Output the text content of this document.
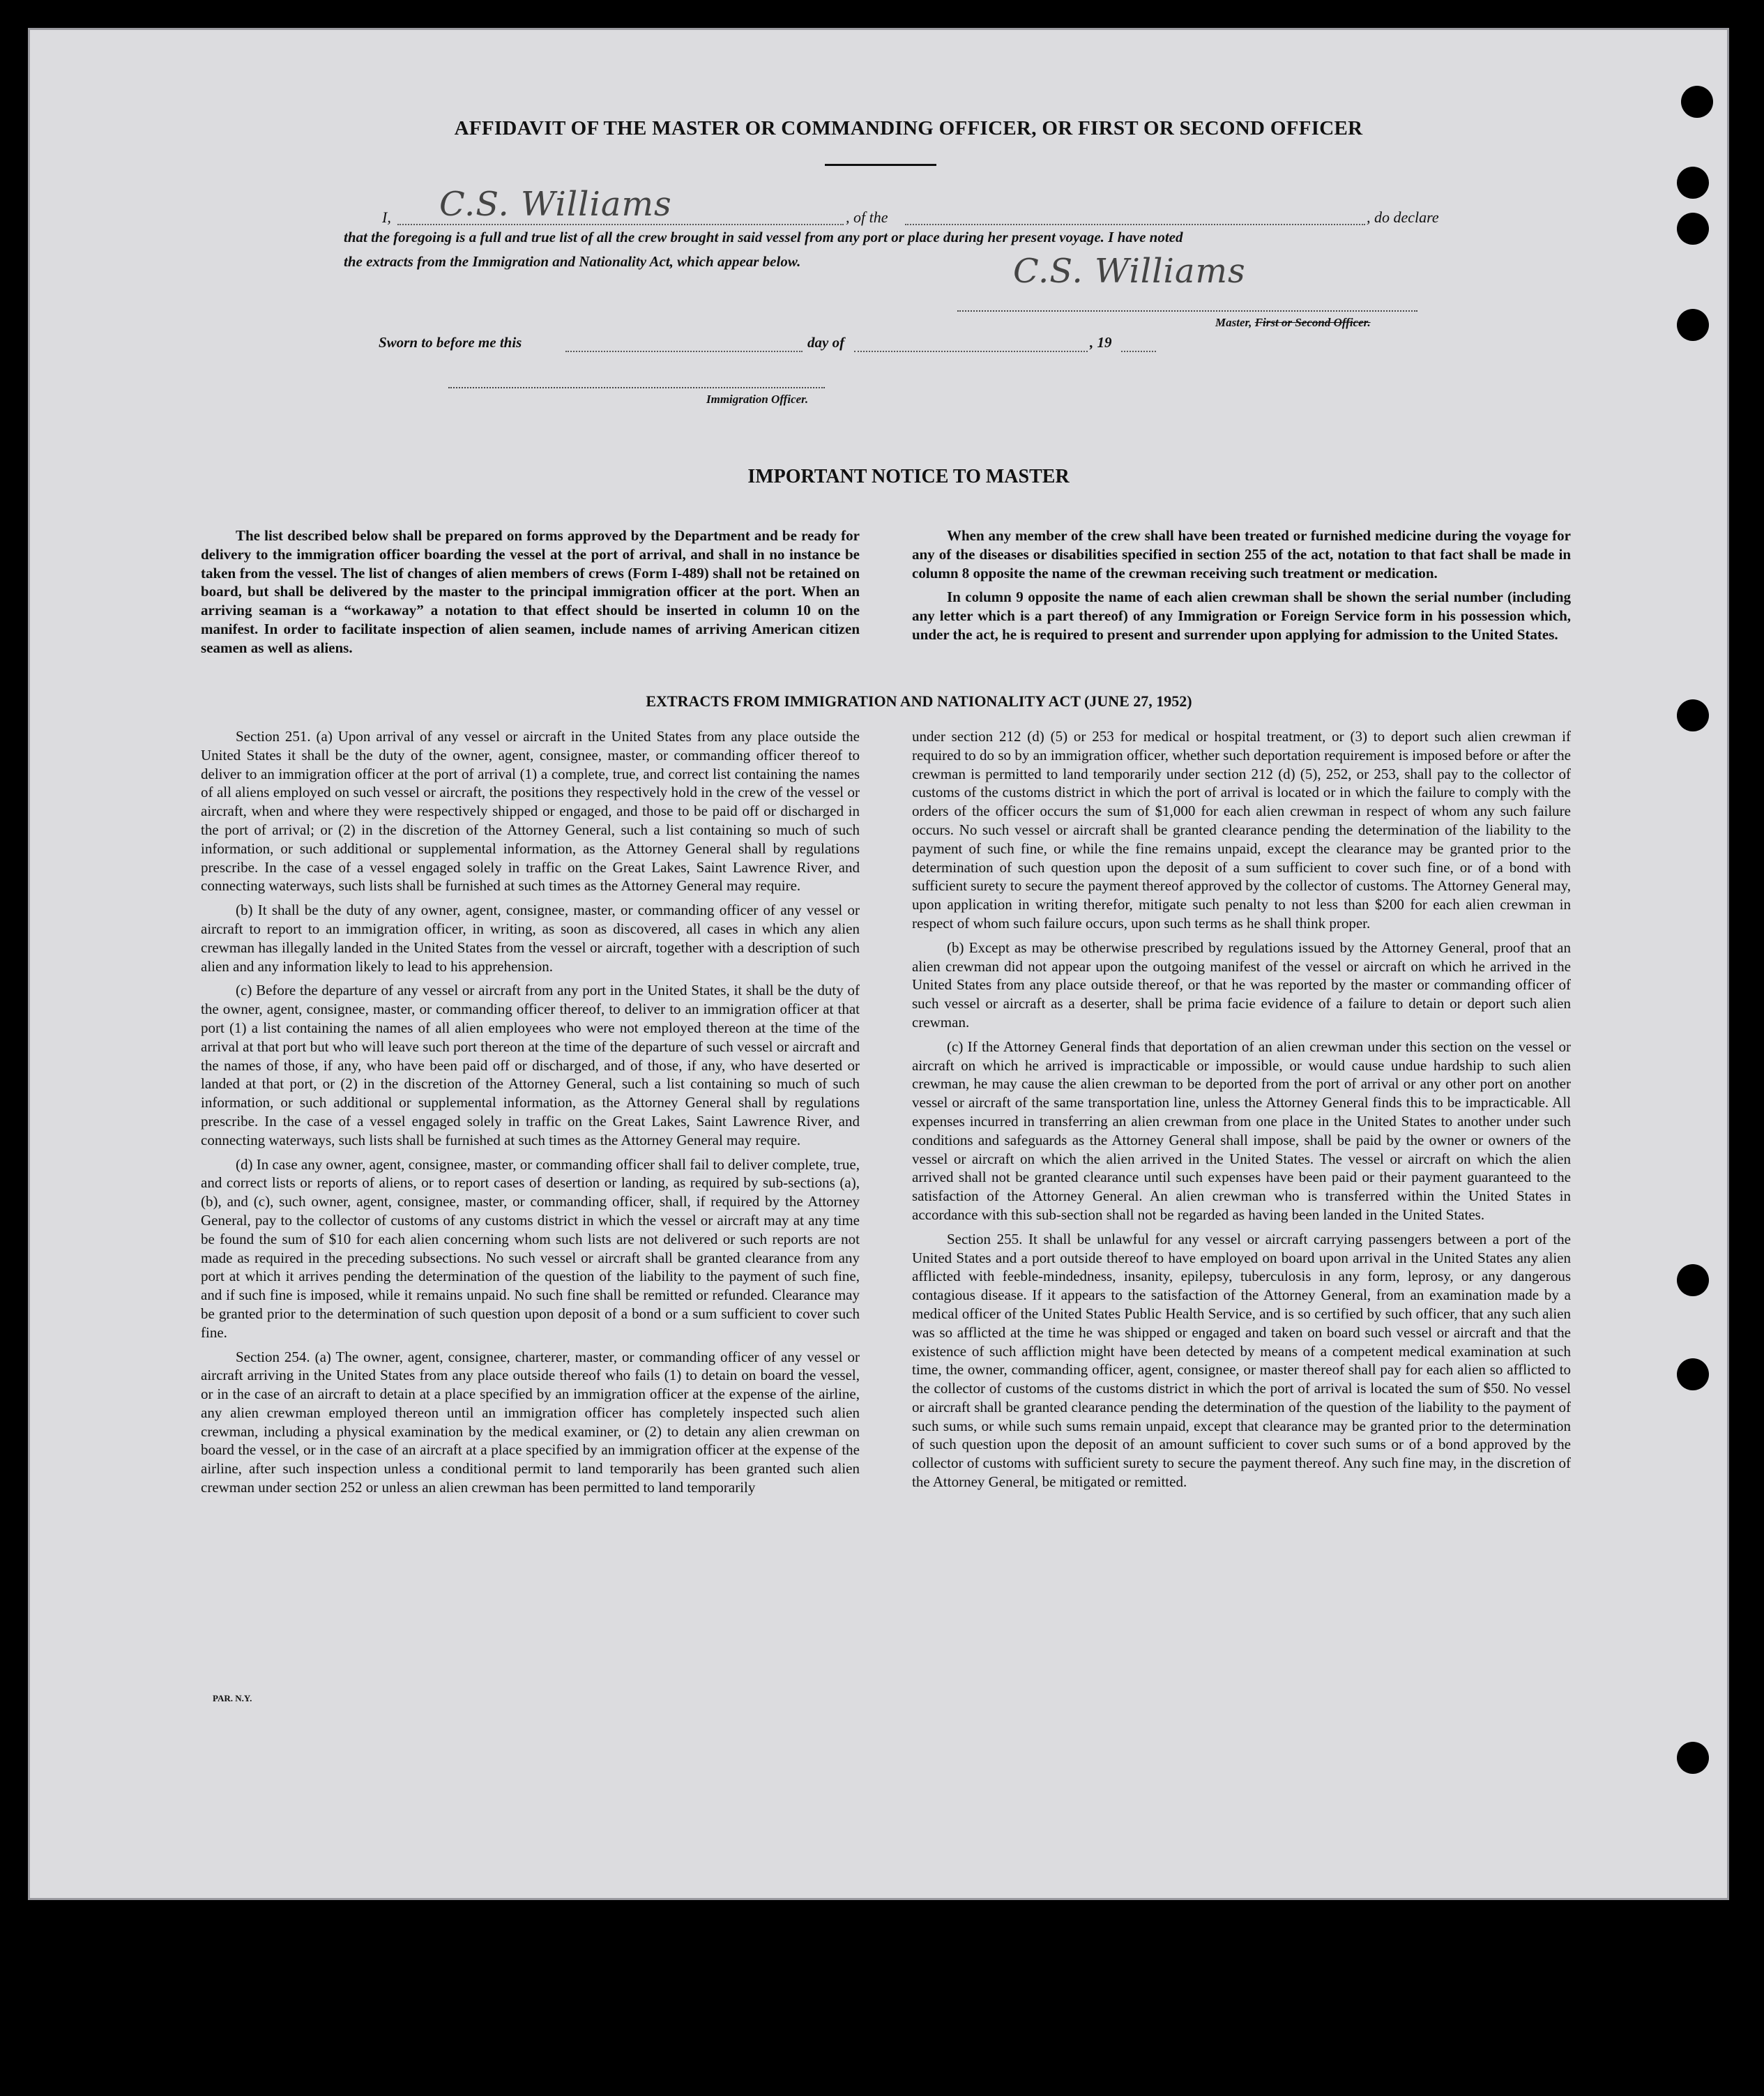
AFFIDAVIT OF THE MASTER OR COMMANDING OFFICER, OR FIRST OR SECOND OFFICER
I, C.S. Williams	, of the	, do declare
that the foregoing is a full and true list of all the crew brought in said vessel from any port or place during her present voyage. I have noted
the extracts from the Immigration and Nationality Act, which appear below.	C.S. Williams
Master, First or Second Officer.
Sworn to before me this	day of	, 19
Immigration Officer.
IMPORTANT NOTICE TO MASTER

The list described below shall be prepared on forms approved by the Department and be ready for delivery to the immigration officer boarding the vessel at the port of arrival, and shall in no instance be taken from the vessel. The list of changes of alien members of crews (Form I-489) shall not be retained on board, but shall be delivered by the master to the principal immigration officer at the port. When an arriving seaman is a “workaway” a notation to that effect should be inserted in column 10 on the manifest. In order to facilitate inspection of alien seamen, include names of arriving American citizen seamen as well as aliens.

When any member of the crew shall have been treated or furnished medicine during the voyage for any of the diseases or disabilities specified in section 255 of the act, notation to that fact shall be made in column 8 opposite the name of the crewman receiving such treatment or medication.

In column 9 opposite the name of each alien crewman shall be shown the serial number (including any letter which is a part thereof) of any Immigration or Foreign Service form in his possession which, under the act, he is required to present and surrender upon applying for admission to the United States.

EXTRACTS FROM IMMIGRATION AND NATIONALITY ACT (JUNE 27, 1952)

Section 251. (a) Upon arrival of any vessel or aircraft in the United States from any place outside the United States it shall be the duty of the owner, agent, consignee, master, or commanding officer thereof to deliver to an immigration officer at the port of arrival (1) a complete, true, and correct list containing the names of all aliens employed on such vessel or aircraft, the positions they respectively hold in the crew of the vessel or aircraft, when and where they were respectively shipped or engaged, and those to be paid off or discharged in the port of arrival; or (2) in the discretion of the Attorney General, such a list containing so much of such information, or such additional or supplemental information, as the Attorney General shall by regulations prescribe. In the case of a vessel engaged solely in traffic on the Great Lakes, Saint Lawrence River, and connecting waterways, such lists shall be furnished at such times as the Attorney General may require.

(b) It shall be the duty of any owner, agent, consignee, master, or commanding officer of any vessel or aircraft to report to an immigration officer, in writing, as soon as discovered, all cases in which any alien crewman has illegally landed in the United States from the vessel or aircraft, together with a description of such alien and any information likely to lead to his apprehension.

(c) Before the departure of any vessel or aircraft from any port in the United States, it shall be the duty of the owner, agent, consignee, master, or commanding officer thereof, to deliver to an immigration officer at that port (1) a list containing the names of all alien employees who were not employed thereon at the time of the arrival at that port but who will leave such port thereon at the time of the departure of such vessel or aircraft and the names of those, if any, who have been paid off or discharged, and of those, if any, who have deserted or landed at that port, or (2) in the discretion of the Attorney General, such a list containing so much of such information, or such additional or supplemental information, as the Attorney General shall by regulations prescribe. In the case of a vessel engaged solely in traffic on the Great Lakes, Saint Lawrence River, and connecting waterways, such lists shall be furnished at such times as the Attorney General may require.

(d) In case any owner, agent, consignee, master, or commanding officer shall fail to deliver complete, true, and correct lists or reports of aliens, or to report cases of desertion or landing, as required by sub-sections (a), (b), and (c), such owner, agent, consignee, master, or commanding officer, shall, if required by the Attorney General, pay to the collector of customs of any customs district in which the vessel or aircraft may at any time be found the sum of $10 for each alien concerning whom such lists are not delivered or such reports are not made as required in the preceding subsections. No such vessel or aircraft shall be granted clearance from any port at which it arrives pending the determination of the question of the liability to the payment of such fine, and if such fine is imposed, while it remains unpaid. No such fine shall be remitted or refunded. Clearance may be granted prior to the determination of such question upon deposit of a bond or a sum sufficient to cover such fine.

Section 254. (a) The owner, agent, consignee, charterer, master, or commanding officer of any vessel or aircraft arriving in the United States from any place outside thereof who fails (1) to detain on board the vessel, or in the case of an aircraft to detain at a place specified by an immigration officer at the expense of the airline, any alien crewman employed thereon until an immigration officer has completely inspected such alien crewman, including a physical examination by the medical examiner, or (2) to detain any alien crewman on board the vessel, or in the case of an aircraft at a place specified by an immigration officer at the expense of the airline, after such inspection unless a conditional permit to land temporarily has been granted such alien crewman under section 252 or unless an alien crewman has been permitted to land temporarily

under section 212 (d) (5) or 253 for medical or hospital treatment, or (3) to deport such alien crewman if required to do so by an immigration officer, whether such deportation requirement is imposed before or after the crewman is permitted to land temporarily under section 212 (d) (5), 252, or 253, shall pay to the collector of customs of the customs district in which the port of arrival is located or in which the failure to comply with the orders of the officer occurs the sum of $1,000 for each alien crewman in respect of whom any such failure occurs. No such vessel or aircraft shall be granted clearance pending the determination of the liability to the payment of such fine, or while the fine remains unpaid, except the clearance may be granted prior to the determination of such question upon the deposit of a sum sufficient to cover such fine, or of a bond with sufficient surety to secure the payment thereof approved by the collector of customs. The Attorney General may, upon application in writing therefor, mitigate such penalty to not less than $200 for each alien crewman in respect of whom such failure occurs, upon such terms as he shall think proper.

(b) Except as may be otherwise prescribed by regulations issued by the Attorney General, proof that an alien crewman did not appear upon the outgoing manifest of the vessel or aircraft on which he arrived in the United States from any place outside thereof, or that he was reported by the master or commanding officer of such vessel or aircraft as a deserter, shall be prima facie evidence of a failure to detain or deport such alien crewman.

(c) If the Attorney General finds that deportation of an alien crewman under this section on the vessel or aircraft on which he arrived is impracticable or impossible, or would cause undue hardship to such alien crewman, he may cause the alien crewman to be deported from the port of arrival or any other port on another vessel or aircraft of the same transportation line, unless the Attorney General finds this to be impracticable. All expenses incurred in transferring an alien crewman from one place in the United States to another under such conditions and safeguards as the Attorney General shall impose, shall be paid by the owner or owners of the vessel or aircraft on which the alien arrived in the United States. The vessel or aircraft on which the alien arrived shall not be granted clearance until such expenses have been paid or their payment guaranteed to the satisfaction of the Attorney General. An alien crewman who is transferred within the United States in accordance with this sub-section shall not be regarded as having been landed in the United States.

Section 255. It shall be unlawful for any vessel or aircraft carrying passengers between a port of the United States and a port outside thereof to have employed on board upon arrival in the United States any alien afflicted with feeble-mindedness, insanity, epilepsy, tuberculosis in any form, leprosy, or any dangerous contagious disease. If it appears to the satisfaction of the Attorney General, from an examination made by a medical officer of the United States Public Health Service, and is so certified by such officer, that any such alien was so afflicted at the time he was shipped or engaged and taken on board such vessel or aircraft and that the existence of such affliction might have been detected by means of a competent medical examination at such time, the owner, commanding officer, agent, consignee, or master thereof shall pay for each alien so afflicted to the collector of customs of the customs district in which the port of arrival is located the sum of $50. No vessel or aircraft shall be granted clearance pending the determination of the question of the liability to the payment of such sums, or while such sums remain unpaid, except that clearance may be granted prior to the determination of such question upon the deposit of an amount sufficient to cover such sums or of a bond approved by the collector of customs with sufficient surety to secure the payment thereof. Any such fine may, in the discretion of the Attorney General, be mitigated or remitted.

PAR. N.Y.
